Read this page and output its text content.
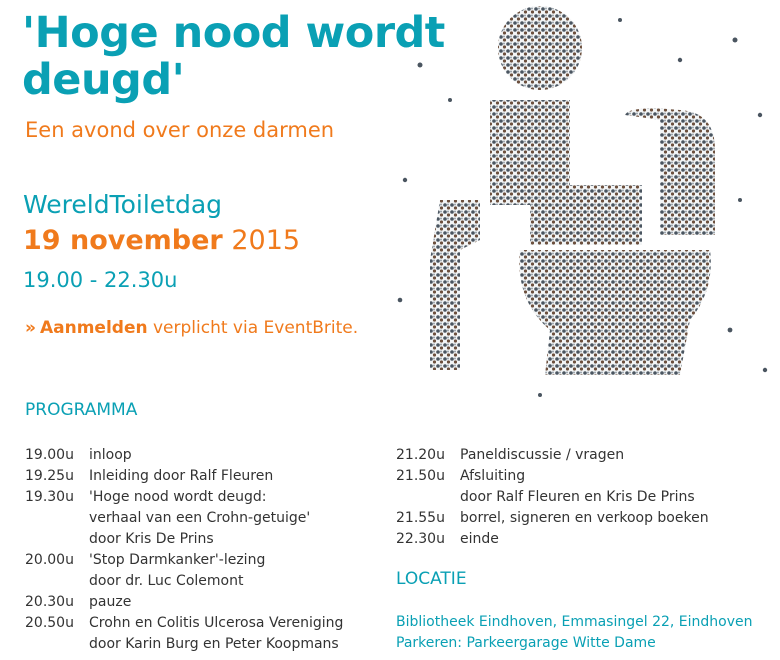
'Hoge nood wordt deugd'
Een avond over onze darmen
WereldToiletdag
19 november 2015
19.00 - 22.30u
» Aanmelden verplicht via EventBrite.
PROGRAMMA
19.00u	inloop
19.25u	Inleiding door Ralf Fleuren
19.30u	'Hoge nood wordt deugd:
verhaal van een Crohn-getuige'
door Kris De Prins
20.00u	'Stop Darmkanker'-lezing
door dr. Luc Colemont
20.30u	pauze
20.50u	Crohn en Colitis Ulcerosa Vereniging
door Karin Burg en Peter Koopmans
21.20u	Paneldiscussie / vragen
21.50u	Afsluiting
door Ralf Fleuren en Kris De Prins
21.55u	borrel, signeren en verkoop boeken
22.30u	einde
LOCATIE
Bibliotheek Eindhoven, Emmasingel 22, Eindhoven
Parkeren: Parkeergarage Witte Dame
